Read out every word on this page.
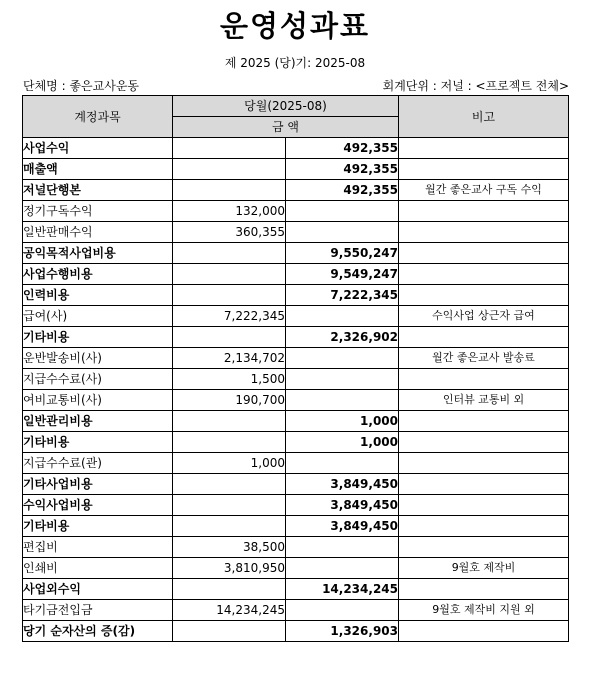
운영성과표
제 2025 (당)기: 2025-08
단체명 : 좋은교사운동	회계단위 : 저널 : <프로젝트 전체>
계정과목	당월(2025-08)		비고
	금 액		
사업수익		492,355	
매출액		492,355	
저널단행본		492,355	월간 좋은교사 구독 수익
정기구독수익	132,000		
일반판매수익	360,355		
공익목적사업비용		9,550,247	
사업수행비용		9,549,247	
인력비용		7,222,345	
급여(사)	7,222,345		수익사업 상근자 급여
기타비용		2,326,902	
운반발송비(사)	2,134,702		월간 좋은교사 발송료
지급수수료(사)	1,500		
여비교통비(사)	190,700		인터뷰 교통비 외
일반관리비용		1,000	
기타비용		1,000	
지급수수료(관)	1,000		
기타사업비용		3,849,450	
수익사업비용		3,849,450	
기타비용		3,849,450	
편집비	38,500		
인쇄비	3,810,950		9월호 제작비
사업외수익		14,234,245	
타기금전입금	14,234,245		9월호 제작비 지원 외
당기 순자산의 증(감)		1,326,903	
